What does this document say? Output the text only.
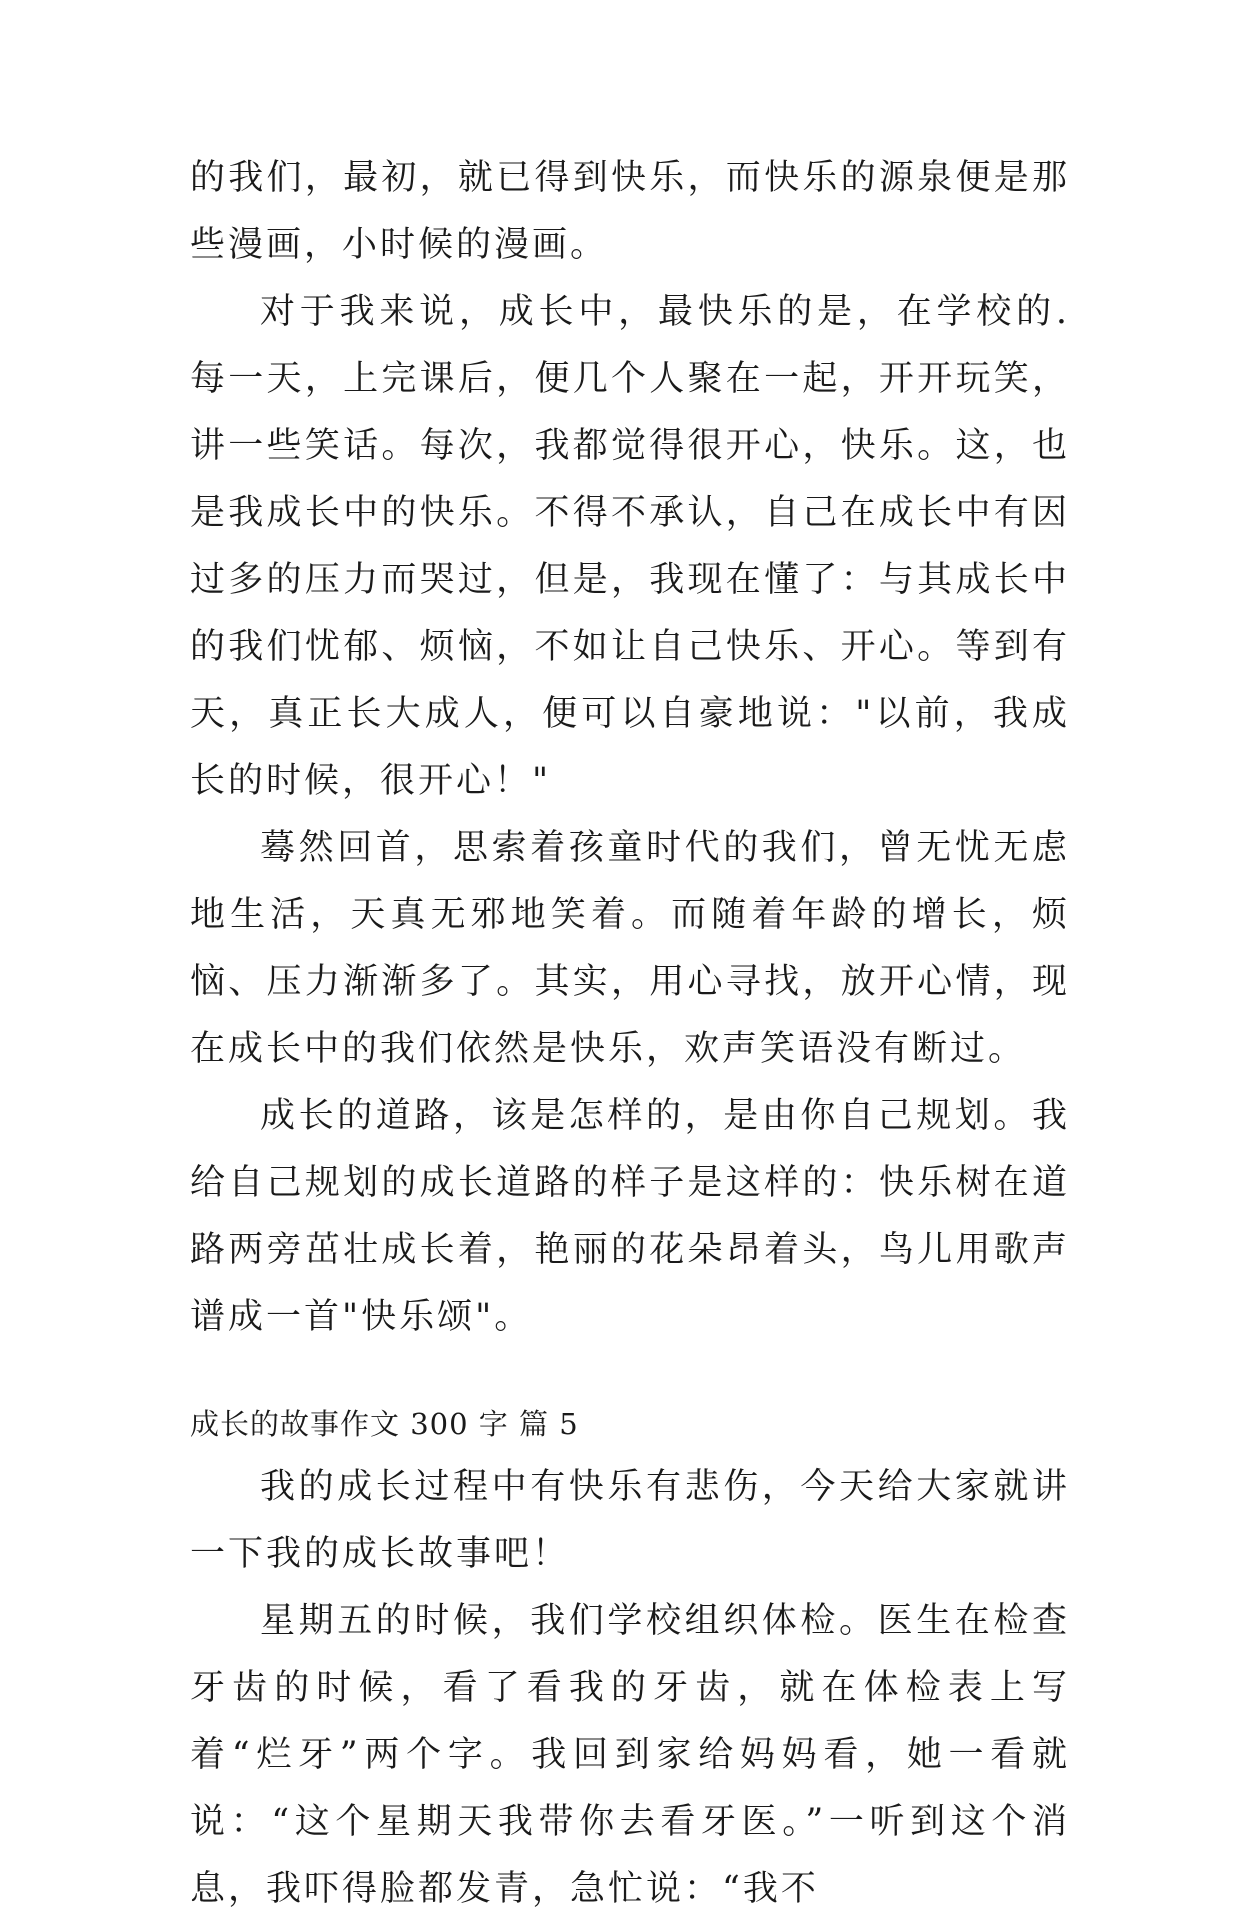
的我们，最初，就已得到快乐，而快乐的源泉便是那些漫画，小时候的漫画。

对于我来说，成长中，最快乐的是，在学校的.每一天，上完课后，便几个人聚在一起，开开玩笑，讲一些笑话。每次，我都觉得很开心，快乐。这，也是我成长中的快乐。不得不承认，自己在成长中有因过多的压力而哭过，但是，我现在懂了：与其成长中的我们忧郁、烦恼，不如让自己快乐、开心。等到有天，真正长大成人，便可以自豪地说："以前，我成长的时候，很开心！"

蓦然回首，思索着孩童时代的我们，曾无忧无虑地生活，天真无邪地笑着。而随着年龄的增长，烦恼、压力渐渐多了。其实，用心寻找，放开心情，现在成长中的我们依然是快乐，欢声笑语没有断过。

成长的道路，该是怎样的，是由你自己规划。我给自己规划的成长道路的样子是这样的：快乐树在道路两旁茁壮成长着，艳丽的花朵昂着头，鸟儿用歌声谱成一首"快乐颂"。

成长的故事作文 300 字 篇 5

我的成长过程中有快乐有悲伤，今天给大家就讲一下我的成长故事吧！

星期五的时候，我们学校组织体检。医生在检查牙齿的时候，看了看我的牙齿，就在体检表上写着“烂牙”两个字。我回到家给妈妈看，她一看就说：“这个星期天我带你去看牙医。”一听到这个消息，我吓得脸都发青，急忙说：“我不
